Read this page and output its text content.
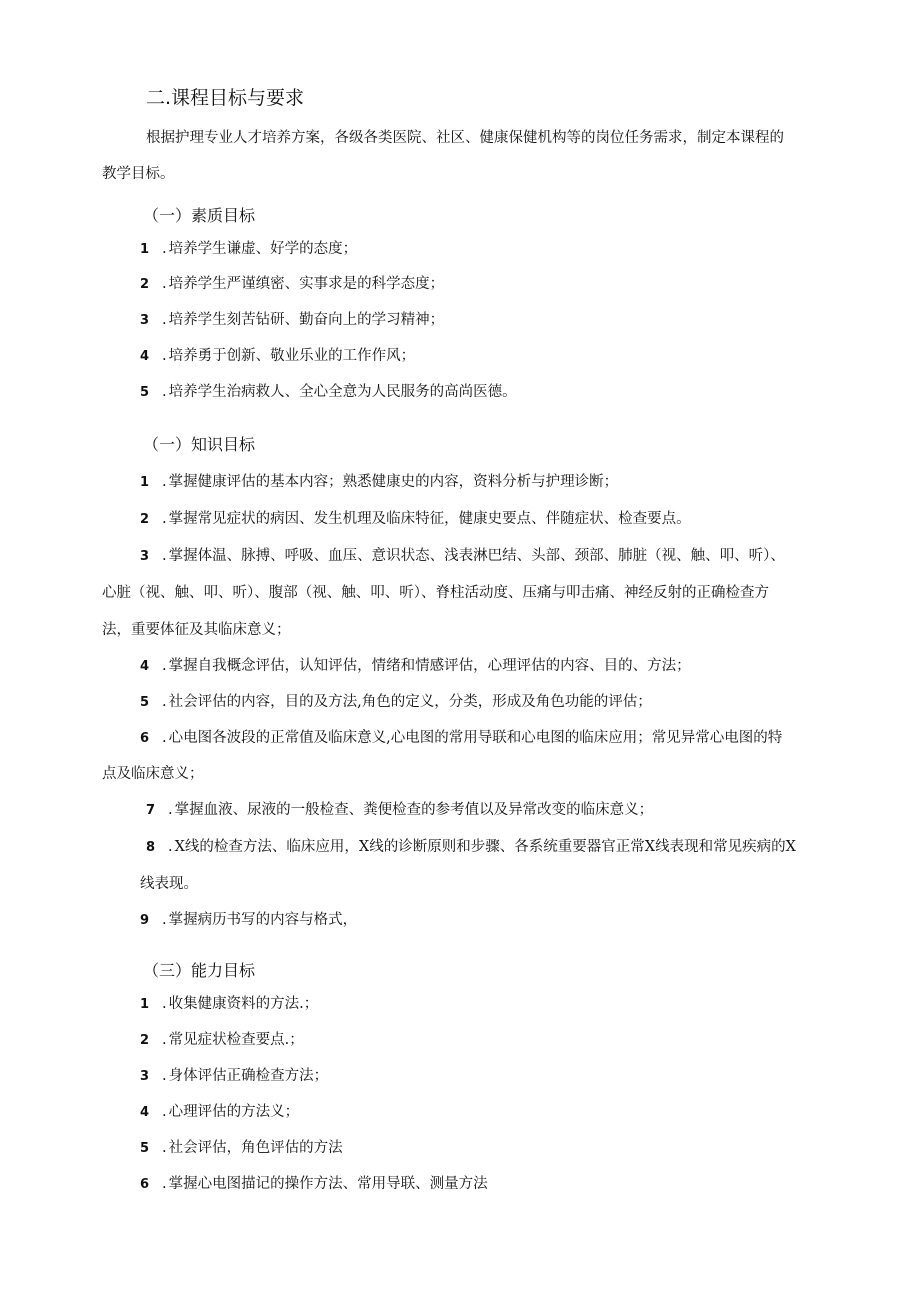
二.课程目标与要求
根据护理专业人才培养方案，各级各类医院、社区、健康保健机构等的岗位任务需求，制定本课程的
教学目标。
（一）素质目标
1 . 培养学生谦虚、好学的态度；
2 . 培养学生严谨缜密、实事求是的科学态度；
3 . 培养学生刻苦钻研、勤奋向上的学习精神；
4 . 培养勇于创新、敬业乐业的工作作风；
5 . 培养学生治病救人、全心全意为人民服务的高尚医德。
（一）知识目标
1 . 掌握健康评估的基本内容；熟悉健康史的内容，资料分析与护理诊断；
2 . 掌握常见症状的病因、发生机理及临床特征，健康史要点、伴随症状、检查要点。
3 . 掌握体温、脉搏、呼吸、血压、意识状态、浅表淋巴结、头部、颈部、肺脏（视、触、叩、听）、
心脏（视、触、叩、听）、腹部（视、触、叩、听）、脊柱活动度、压痛与叩击痛、神经反射的正确检查方
法，重要体征及其临床意义；
4 . 掌握自我概念评估，认知评估，情绪和情感评估，心理评估的内容、目的、方法；
5 . 社会评估的内容，目的及方法,角色的定义，分类，形成及角色功能的评估；
6 . 心电图各波段的正常值及临床意义,心电图的常用导联和心电图的临床应用；常见异常心电图的特
点及临床意义；
7 . 掌握血液、尿液的一般检查、粪便检查的参考值以及异常改变的临床意义；
8 . X线的检查方法、临床应用，X线的诊断原则和步骤、各系统重要器官正常X线表现和常见疾病的X
线表现。
9 . 掌握病历书写的内容与格式，
（三）能力目标
1 . 收集健康资料的方法.；
2 . 常见症状检查要点.；
3 . 身体评估正确检查方法；
4 . 心理评估的方法义；
5 . 社会评估，角色评估的方法
6 . 掌握心电图描记的操作方法、常用导联、测量方法
